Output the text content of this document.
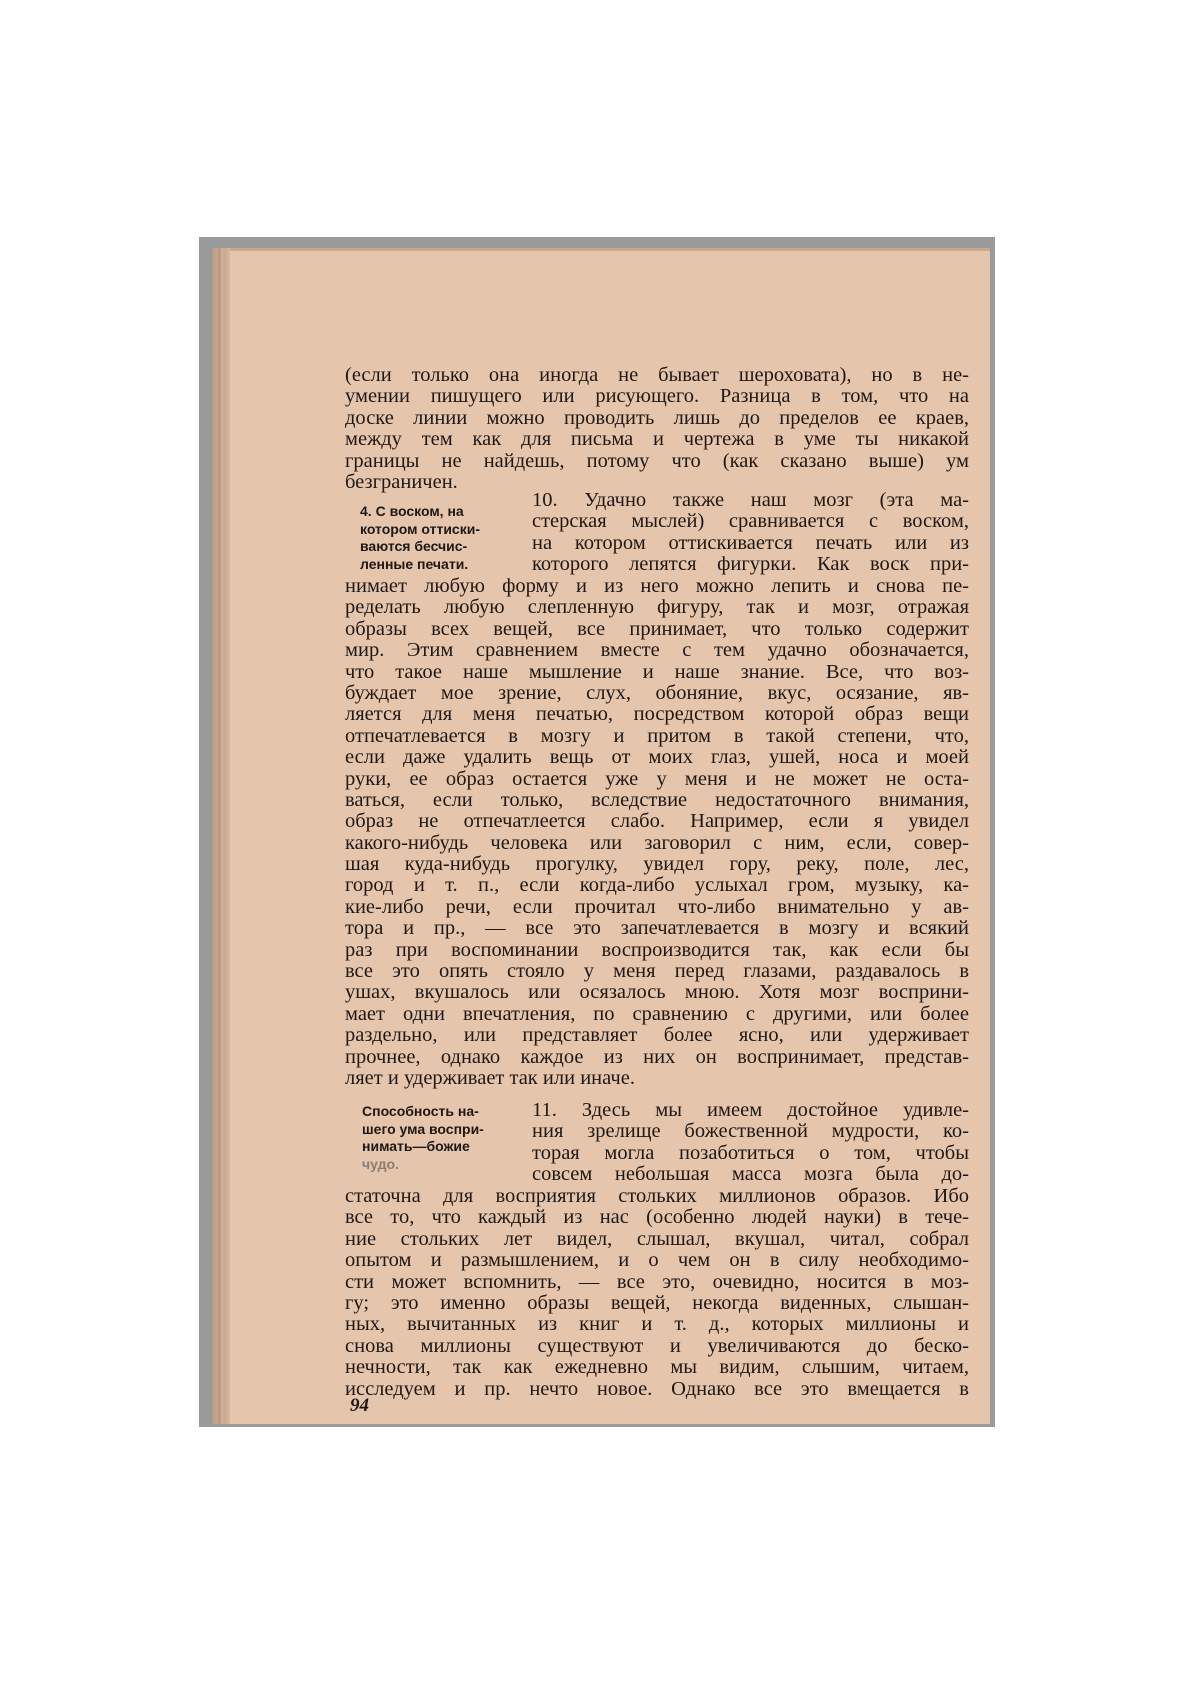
(если только она иногда не бывает шероховата), но в не-
умении пишущего или рисующего. Разница в том, что на
доске линии можно проводить лишь до пределов ее краев,
между тем как для письма и чертежа в уме ты никакой
границы не найдешь, потому что (как сказано выше) ум
безграничен.
4. С воском, на
котором оттиски-
ваются бесчис-
ленные печати.
10. Удачно также наш мозг (эта ма-
стерская мыслей) сравнивается с воском,
на котором оттискивается печать или из
которого лепятся фигурки. Как воск при-
нимает любую форму и из него можно лепить и снова пе-
ределать любую слепленную фигуру, так и мозг, отражая
образы всех вещей, все принимает, что только содержит
мир. Этим сравнением вместе с тем удачно обозначается,
что такое наше мышление и наше знание. Все, что воз-
буждает мое зрение, слух, обоняние, вкус, осязание, яв-
ляется для меня печатью, посредством которой образ вещи
отпечатлевается в мозгу и притом в такой степени, что,
если даже удалить вещь от моих глаз, ушей, носа и моей
руки, ее образ остается уже у меня и не может не оста-
ваться, если только, вследствие недостаточного внимания,
образ не отпечатлеется слабо. Например, если я увидел
какого-нибудь человека или заговорил с ним, если, совер-
шая куда-нибудь прогулку, увидел гору, реку, поле, лес,
город и т. п., если когда-либо услыхал гром, музыку, ка-
кие-либо речи, если прочитал что-либо внимательно у ав-
тора и пр., — все это запечатлевается в мозгу и всякий
раз при воспоминании воспроизводится так, как если бы
все это опять стояло у меня перед глазами, раздавалось в
ушах, вкушалось или осязалось мною. Хотя мозг восприни-
мает одни впечатления, по сравнению с другими, или более
раздельно, или представляет более ясно, или удерживает
прочнее, однако каждое из них он воспринимает, представ-
ляет и удерживает так или иначе.
Способность на-
шего ума воспри-
нимать—божие
чудо.
11. Здесь мы имеем достойное удивле-
ния зрелище божественной мудрости, ко-
торая могла позаботиться о том, чтобы
совсем небольшая масса мозга была до-
статочна для восприятия стольких миллионов образов. Ибо
все то, что каждый из нас (особенно людей науки) в тече-
ние стольких лет видел, слышал, вкушал, читал, собрал
опытом и размышлением, и о чем он в силу необходимо-
сти может вспомнить, — все это, очевидно, носится в моз-
гу; это именно образы вещей, некогда виденных, слышан-
ных, вычитанных из книг и т. д., которых миллионы и
снова миллионы существуют и увеличиваются до беско-
нечности, так как ежедневно мы видим, слышим, читаем,
исследуем и пр. нечто новое. Однако все это вмещается в
94
